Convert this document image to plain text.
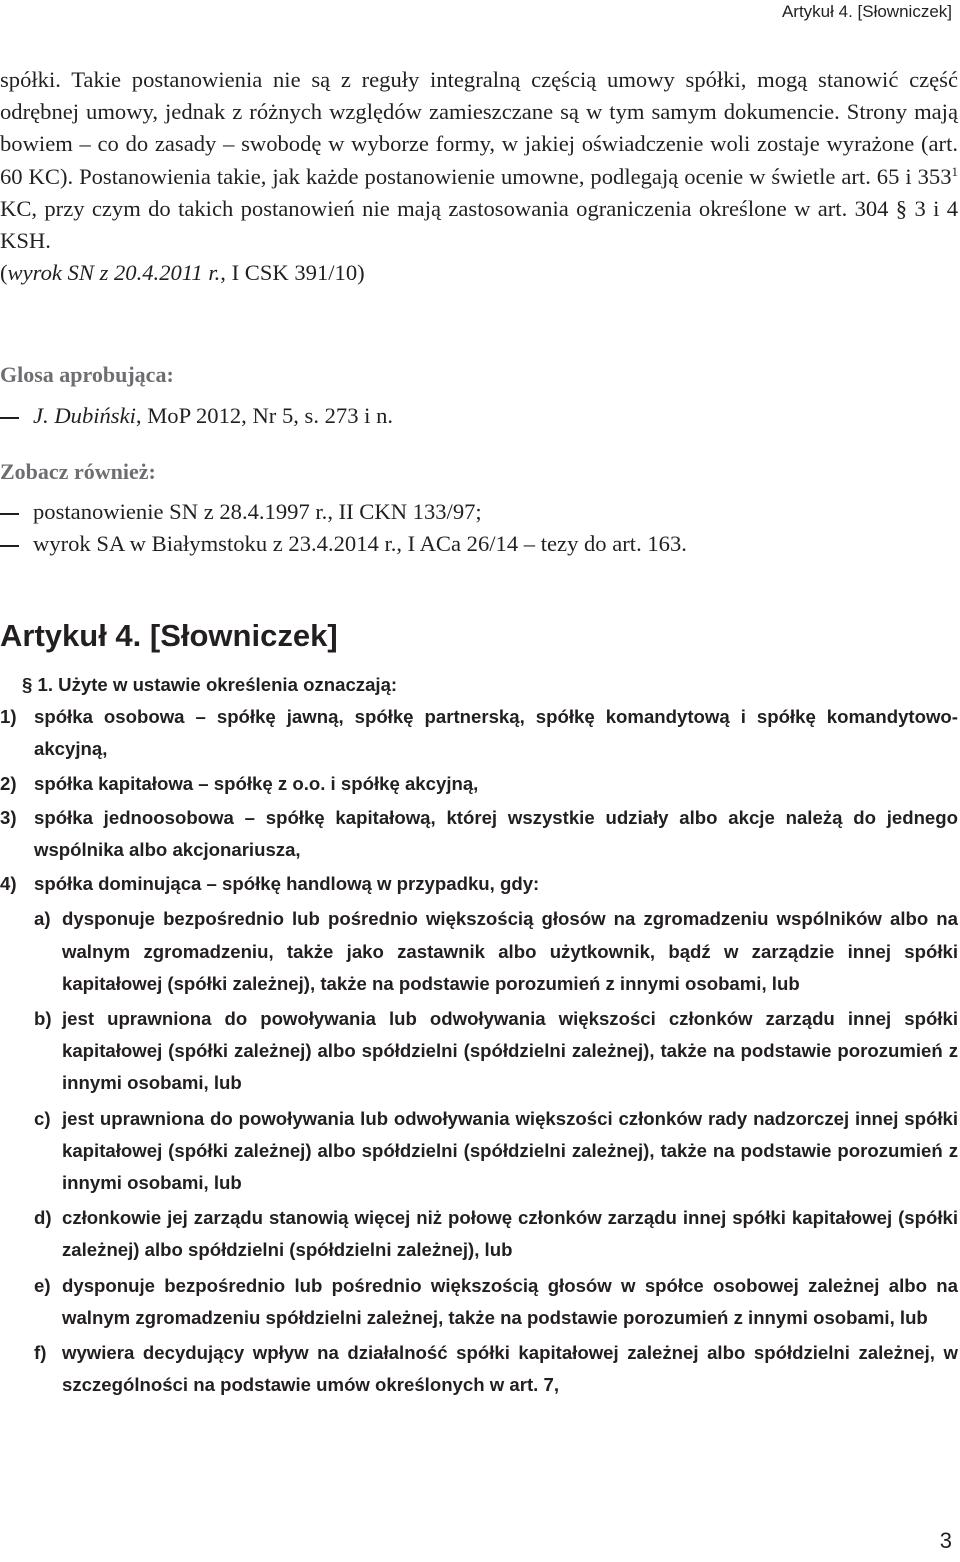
Artykuł 4. [Słowniczek]

spółki. Takie postanowienia nie są z reguły integralną częścią umowy spółki, mogą stanowić część odrębnej umowy, jednak z różnych względów zamieszczane są w tym samym dokumencie. Strony mają bowiem – co do zasady – swobodę w wyborze formy, w jakiej oświadczenie woli zostaje wyrażone (art. 60 KC). Postanowienia takie, jak każde postanowienie umowne, podlegają ocenie w świetle art. 65 i $353^1$ KC, przy czym do takich postanowień nie mają zastosowania ograniczenia określone w art. 304 § 3 i 4 KSH.

(wyrok SN z 20.4.2011 r., I CSK 391/10)

Glosa aprobująca:
J. Dubiński, MoP 2012, Nr 5, s. 273 i n.
Zobacz również:
postanowienie SN z 28.4.1997 r., II CKN 133/97;
wyrok SA w Białymstoku z 23.4.2014 r., I ACa 26/14 – tezy do art. 163.
Artykuł 4. [Słowniczek]

§ 1. Użyte w ustawie określenia oznaczają:

1) spółka osobowa – spółkę jawną, spółkę partnerską, spółkę komandytową i spółkę komandytowo-akcyjną,

2) spółka kapitałowa – spółkę z o.o. i spółkę akcyjną,

3) spółka jednoosobowa – spółkę kapitałową, której wszystkie udziały albo akcje należą do jednego wspólnika albo akcjonariusza,

4) spółka dominująca – spółkę handlową w przypadku, gdy:

a) dysponuje bezpośrednio lub pośrednio większością głosów na zgromadzeniu wspólników albo na walnym zgromadzeniu, także jako zastawnik albo użytkownik, bądź w zarządzie innej spółki kapitałowej (spółki zależnej), także na podstawie porozumień z innymi osobami, lub

b) jest uprawniona do powoływania lub odwoływania większości członków zarządu innej spółki kapitałowej (spółki zależnej) albo spółdzielni (spółdzielni zależnej), także na podstawie porozumień z innymi osobami, lub

c) jest uprawniona do powoływania lub odwoływania większości członków rady nadzorczej innej spółki kapitałowej (spółki zależnej) albo spółdzielni (spółdzielni zależnej), także na podstawie porozumień z innymi osobami, lub

d) członkowie jej zarządu stanowią więcej niż połowę członków zarządu innej spółki kapitałowej (spółki zależnej) albo spółdzielni (spółdzielni zależnej), lub

e) dysponuje bezpośrednio lub pośrednio większością głosów w spółce osobowej zależnej albo na walnym zgromadzeniu spółdzielni zależnej, także na podstawie porozumień z innymi osobami, lub

f) wywiera decydujący wpływ na działalność spółki kapitałowej zależnej albo spółdzielni zależnej, w szczególności na podstawie umów określonych w art. 7,

3
